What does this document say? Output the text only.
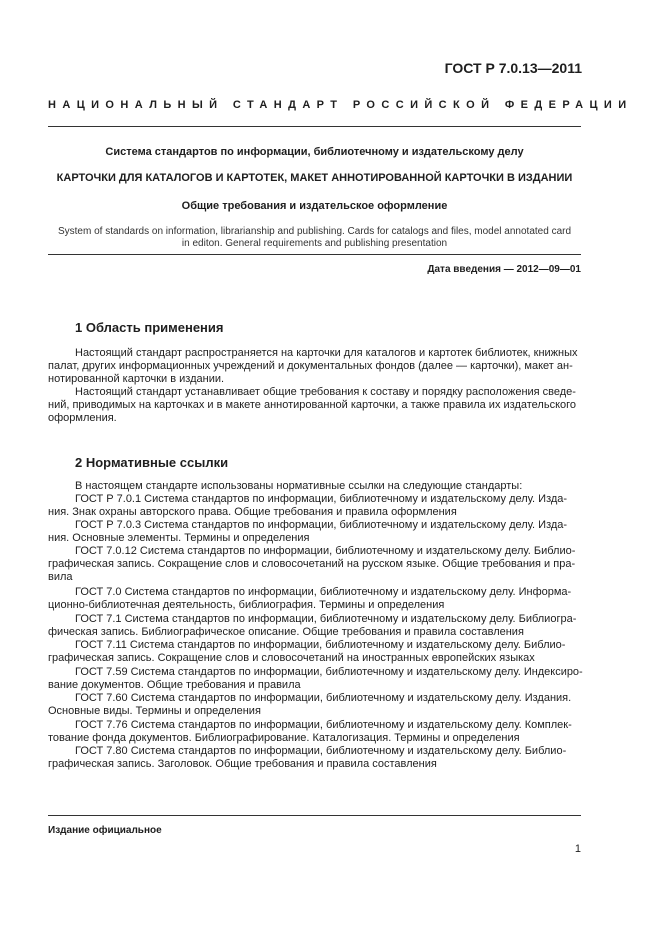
ГОСТ Р 7.0.13—2011
НАЦИОНАЛЬНЫЙ СТАНДАРТ РОССИЙСКОЙ ФЕДЕРАЦИИ
Система стандартов по информации, библиотечному и издательскому делу
КАРТОЧКИ ДЛЯ КАТАЛОГОВ И КАРТОТЕК, МАКЕТ АННОТИРОВАННОЙ КАРТОЧКИ В ИЗДАНИИ
Общие требования и издательское оформление
System of standards on information, librarianship and publishing. Cards for catalogs and files, model annotated card
in editon. General requirements and publishing presentation
Дата введения — 2012—09—01
1 Область применения
Настоящий стандарт распространяется на карточки для каталогов и картотек библиотек, книжных
палат, других информационных учреждений и документальных фондов (далее — карточки), макет ан-
нотированной карточки в издании.
Настоящий стандарт устанавливает общие требования к составу и порядку расположения сведе-
ний, приводимых на карточках и в макете аннотированной карточки, а также правила их издательского
оформления.
2 Нормативные ссылки
В настоящем стандарте использованы нормативные ссылки на следующие стандарты:
ГОСТ Р 7.0.1 Система стандартов по информации, библиотечному и издательскому делу. Изда-
ния. Знак охраны авторского права. Общие требования и правила оформления
ГОСТ Р 7.0.3 Система стандартов по информации, библиотечному и издательскому делу. Изда-
ния. Основные элементы. Термины и определения
ГОСТ 7.0.12 Система стандартов по информации, библиотечному и издательскому делу. Библио-
графическая запись. Сокращение слов и словосочетаний на русском языке. Общие требования и пра-
вила
ГОСТ 7.0 Система стандартов по информации, библиотечному и издательскому делу. Информа-
ционно-библиотечная деятельность, библиография. Термины и определения
ГОСТ 7.1 Система стандартов по информации, библиотечному и издательскому делу. Библиогра-
фическая запись. Библиографическое описание. Общие требования и правила составления
ГОСТ 7.11 Система стандартов по информации, библиотечному и издательскому делу. Библио-
графическая запись. Сокращение слов и словосочетаний на иностранных европейских языках
ГОСТ 7.59 Система стандартов по информации, библиотечному и издательскому делу. Индексиро-
вание документов. Общие требования и правила
ГОСТ 7.60 Система стандартов по информации, библиотечному и издательскому делу. Издания.
Основные виды. Термины и определения
ГОСТ 7.76 Система стандартов по информации, библиотечному и издательскому делу. Комплек-
тование фонда документов. Библиографирование. Каталогизация. Термины и определения
ГОСТ 7.80 Система стандартов по информации, библиотечному и издательскому делу. Библио-
графическая запись. Заголовок. Общие требования и правила составления
Издание официальное
1
